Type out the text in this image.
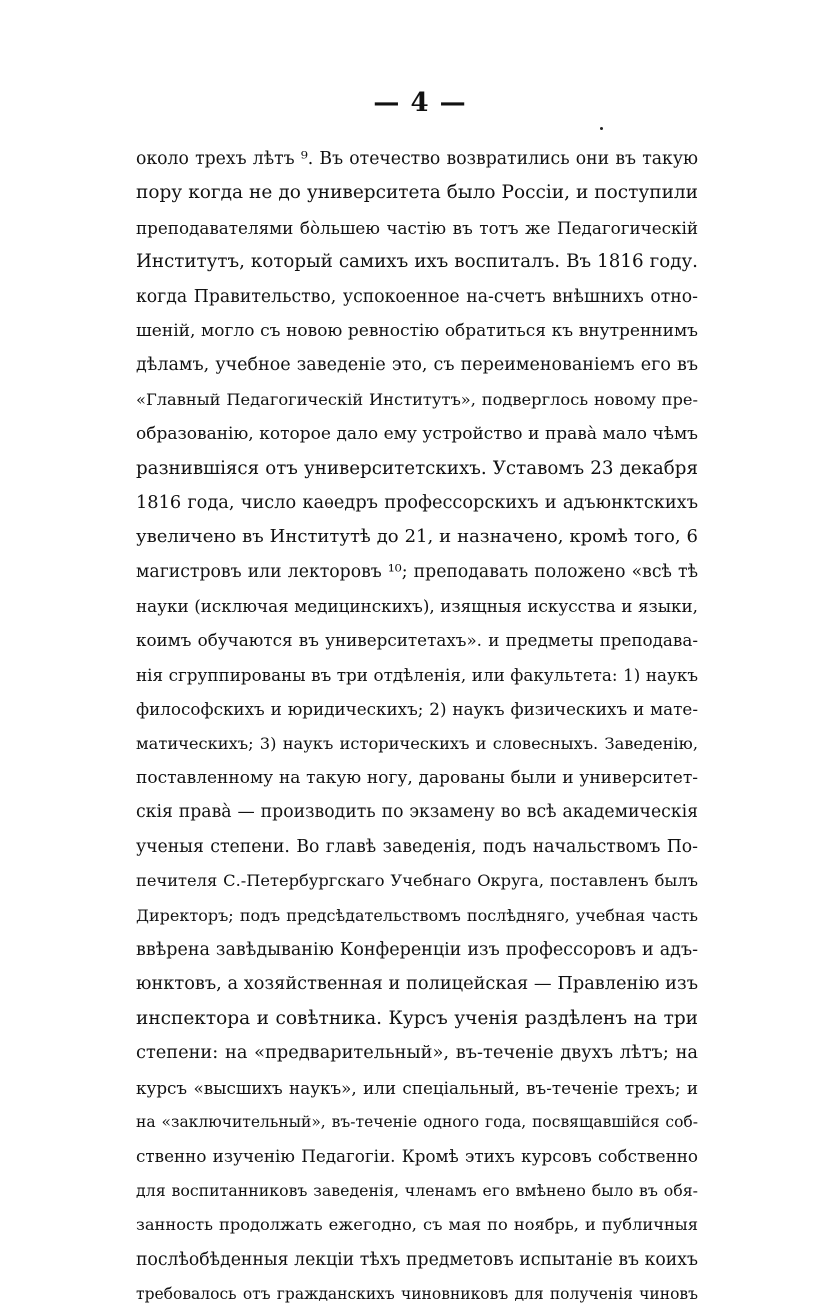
— 4 —
около трехъ лѣтъ ⁹. Въ отечество возвратились они въ такую
пору когда не до университета было Россіи, и поступили
преподавателями бо̀льшею частію въ тотъ же Педагогическій
Институтъ, который самихъ ихъ воспиталъ. Въ 1816 году.
когда Правительство, успокоенное на-счетъ внѣшнихъ отно-
шеній, могло съ новою ревностію обратиться къ внутреннимъ
дѣламъ, учебное заведеніе это, съ переименованіемъ его въ
«Главный Педагогическій Институтъ», подверглось новому пре-
образованію, которое дало ему устройство и права̀ мало чѣмъ
разнившіяся отъ университетскихъ. Уставомъ 23 декабря
1816 года, число каѳедръ профессорскихъ и адъюнктскихъ
увеличено въ Институтѣ до 21, и назначено, кромѣ того, 6
магистровъ или лекторовъ ¹⁰; преподавать положено «всѣ тѣ
науки (исключая медицинскихъ), изящныя искусства и языки,
коимъ обучаются въ университетахъ». и предметы преподава-
нія сгруппированы въ три отдѣленія, или факультета: 1) наукъ
философскихъ и юридическихъ; 2) наукъ физическихъ и мате-
матическихъ; 3) наукъ историческихъ и словесныхъ. Заведенію,
поставленному на такую ногу, дарованы были и университет-
скія права̀ — производить по экзамену во всѣ академическія
ученыя степени. Во главѣ заведенія, подъ начальствомъ По-
печителя С.-Петербургскаго Учебнаго Округа, поставленъ былъ
Директоръ; подъ предсѣдательствомъ послѣдняго, учебная часть
ввѣрена завѣдыванію Конференціи изъ профессоровъ и адъ-
юнктовъ, а хозяйственная и полицейская — Правленію изъ
инспектора и совѣтника. Курсъ ученія раздѣленъ на три
степени: на «предварительный», въ-теченіе двухъ лѣтъ; на
курсъ «высшихъ наукъ», или спеціальный, въ-теченіе трехъ; и
на «заключительный», въ-теченіе одного года, посвящавшійся соб-
ственно изученію Педагогіи. Кромѣ этихъ курсовъ собственно
для воспитанниковъ заведенія, членамъ его вмѣнено было въ обя-
занность продолжать ежегодно, съ мая по ноябрь, и публичныя
послѣобѣденныя лекціи тѣхъ предметовъ испытаніе въ коихъ
требовалось отъ гражданскихъ чиновниковъ для полученія чиновъ
